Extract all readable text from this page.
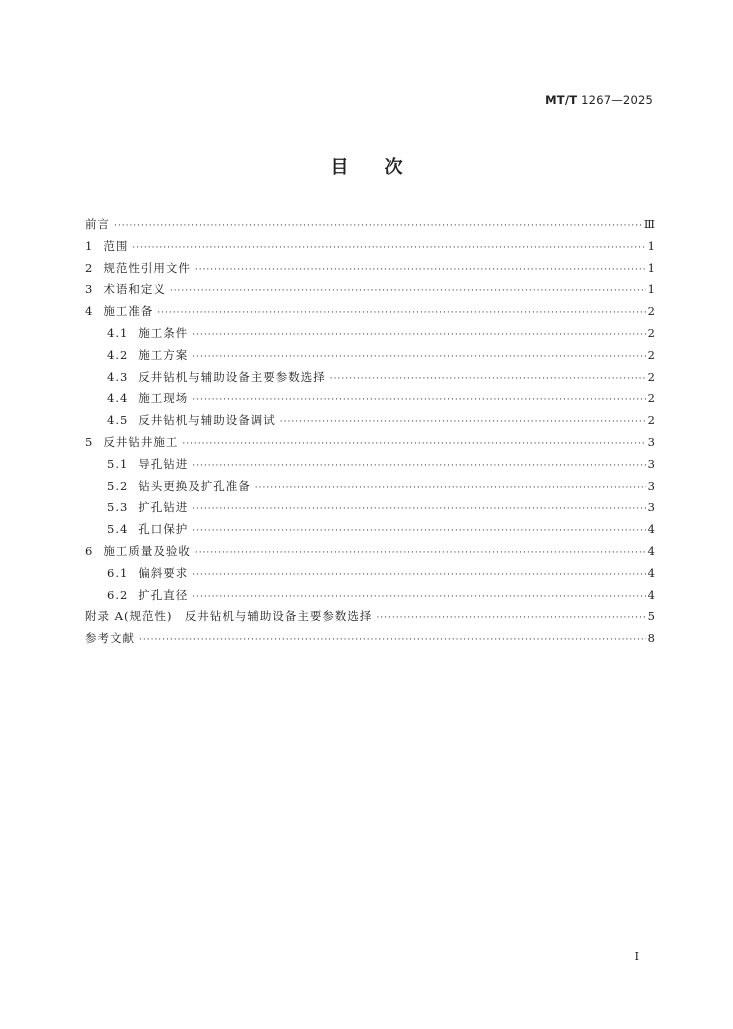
MT/T 1267—2025
目次
前言 ·····	Ⅲ
1 范围 ·····	1
2 规范性引用文件 ·····	1
3 术语和定义 ·····	1
4 施工准备 ·····	2
4.1 施工条件 ·····	2
4.2 施工方案 ·····	2
4.3 反井钻机与辅助设备主要参数选择 ·····	2
4.4 施工现场 ·····	2
4.5 反井钻机与辅助设备调试 ·····	2
5 反井钻井施工 ·····	3
5.1 导孔钻进 ·····	3
5.2 钻头更换及扩孔准备 ·····	3
5.3 扩孔钻进 ·····	3
5.4 孔口保护 ·····	4
6 施工质量及验收 ·····	4
6.1 偏斜要求 ·····	4
6.2 扩孔直径 ·····	4
附录 A(规范性)　反井钻机与辅助设备主要参数选择 ·····	5
参考文献 ·····	8
I
